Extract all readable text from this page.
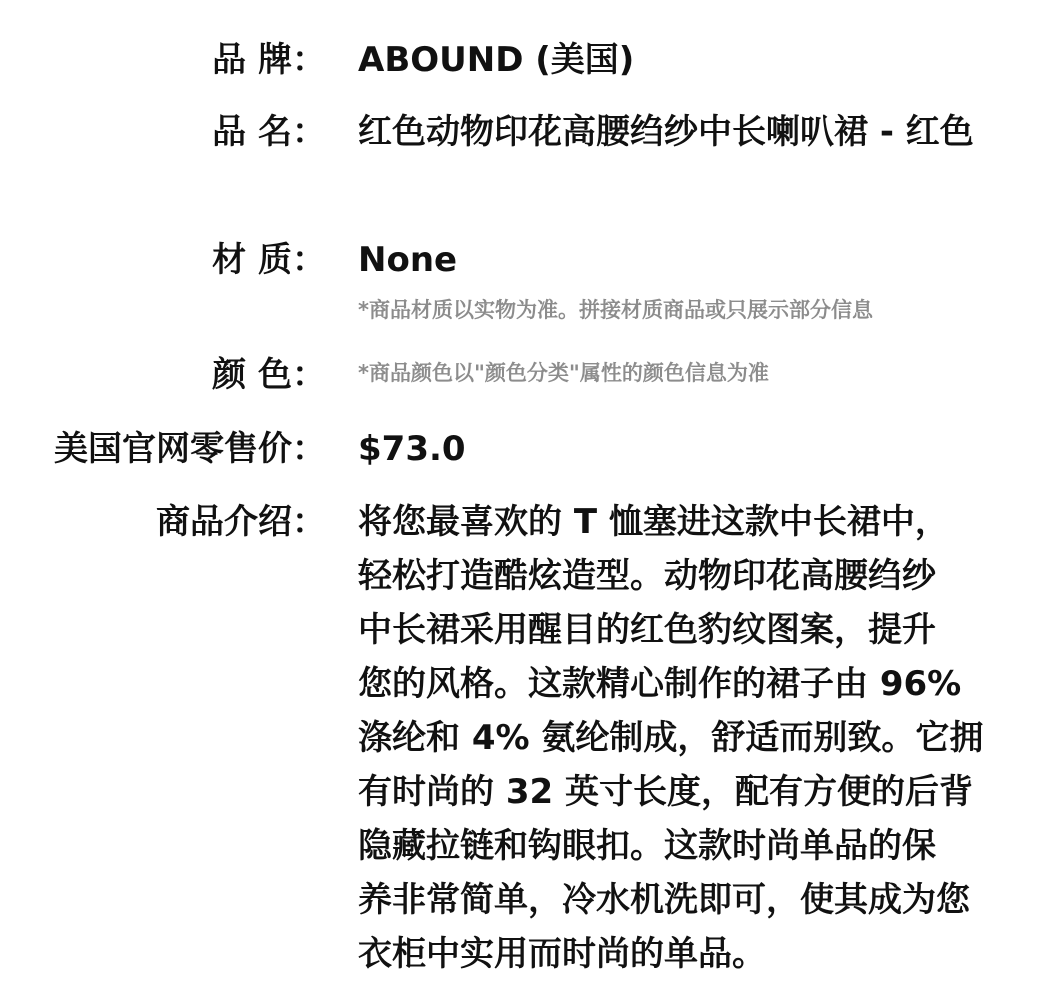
品 牌： ABOUND (美国)
品 名： 红色动物印花高腰绉纱中长喇叭裙 - 红色
材 质： None
*商品材质以实物为准。拼接材质商品或只展示部分信息
颜 色： *商品颜色以"颜色分类"属性的颜色信息为准
美国官网零售价： $73.0
商品介绍： 将您最喜欢的 T 恤塞进这款中长裙中，
轻松打造酷炫造型。动物印花高腰绉纱
中长裙采用醒目的红色豹纹图案，提升
您的风格。这款精心制作的裙子由 96%
涤纶和 4% 氨纶制成，舒适而别致。它拥
有时尚的 32 英寸长度，配有方便的后背
隐藏拉链和钩眼扣。这款时尚单品的保
养非常简单，冷水机洗即可，使其成为您
衣柜中实用而时尚的单品。
